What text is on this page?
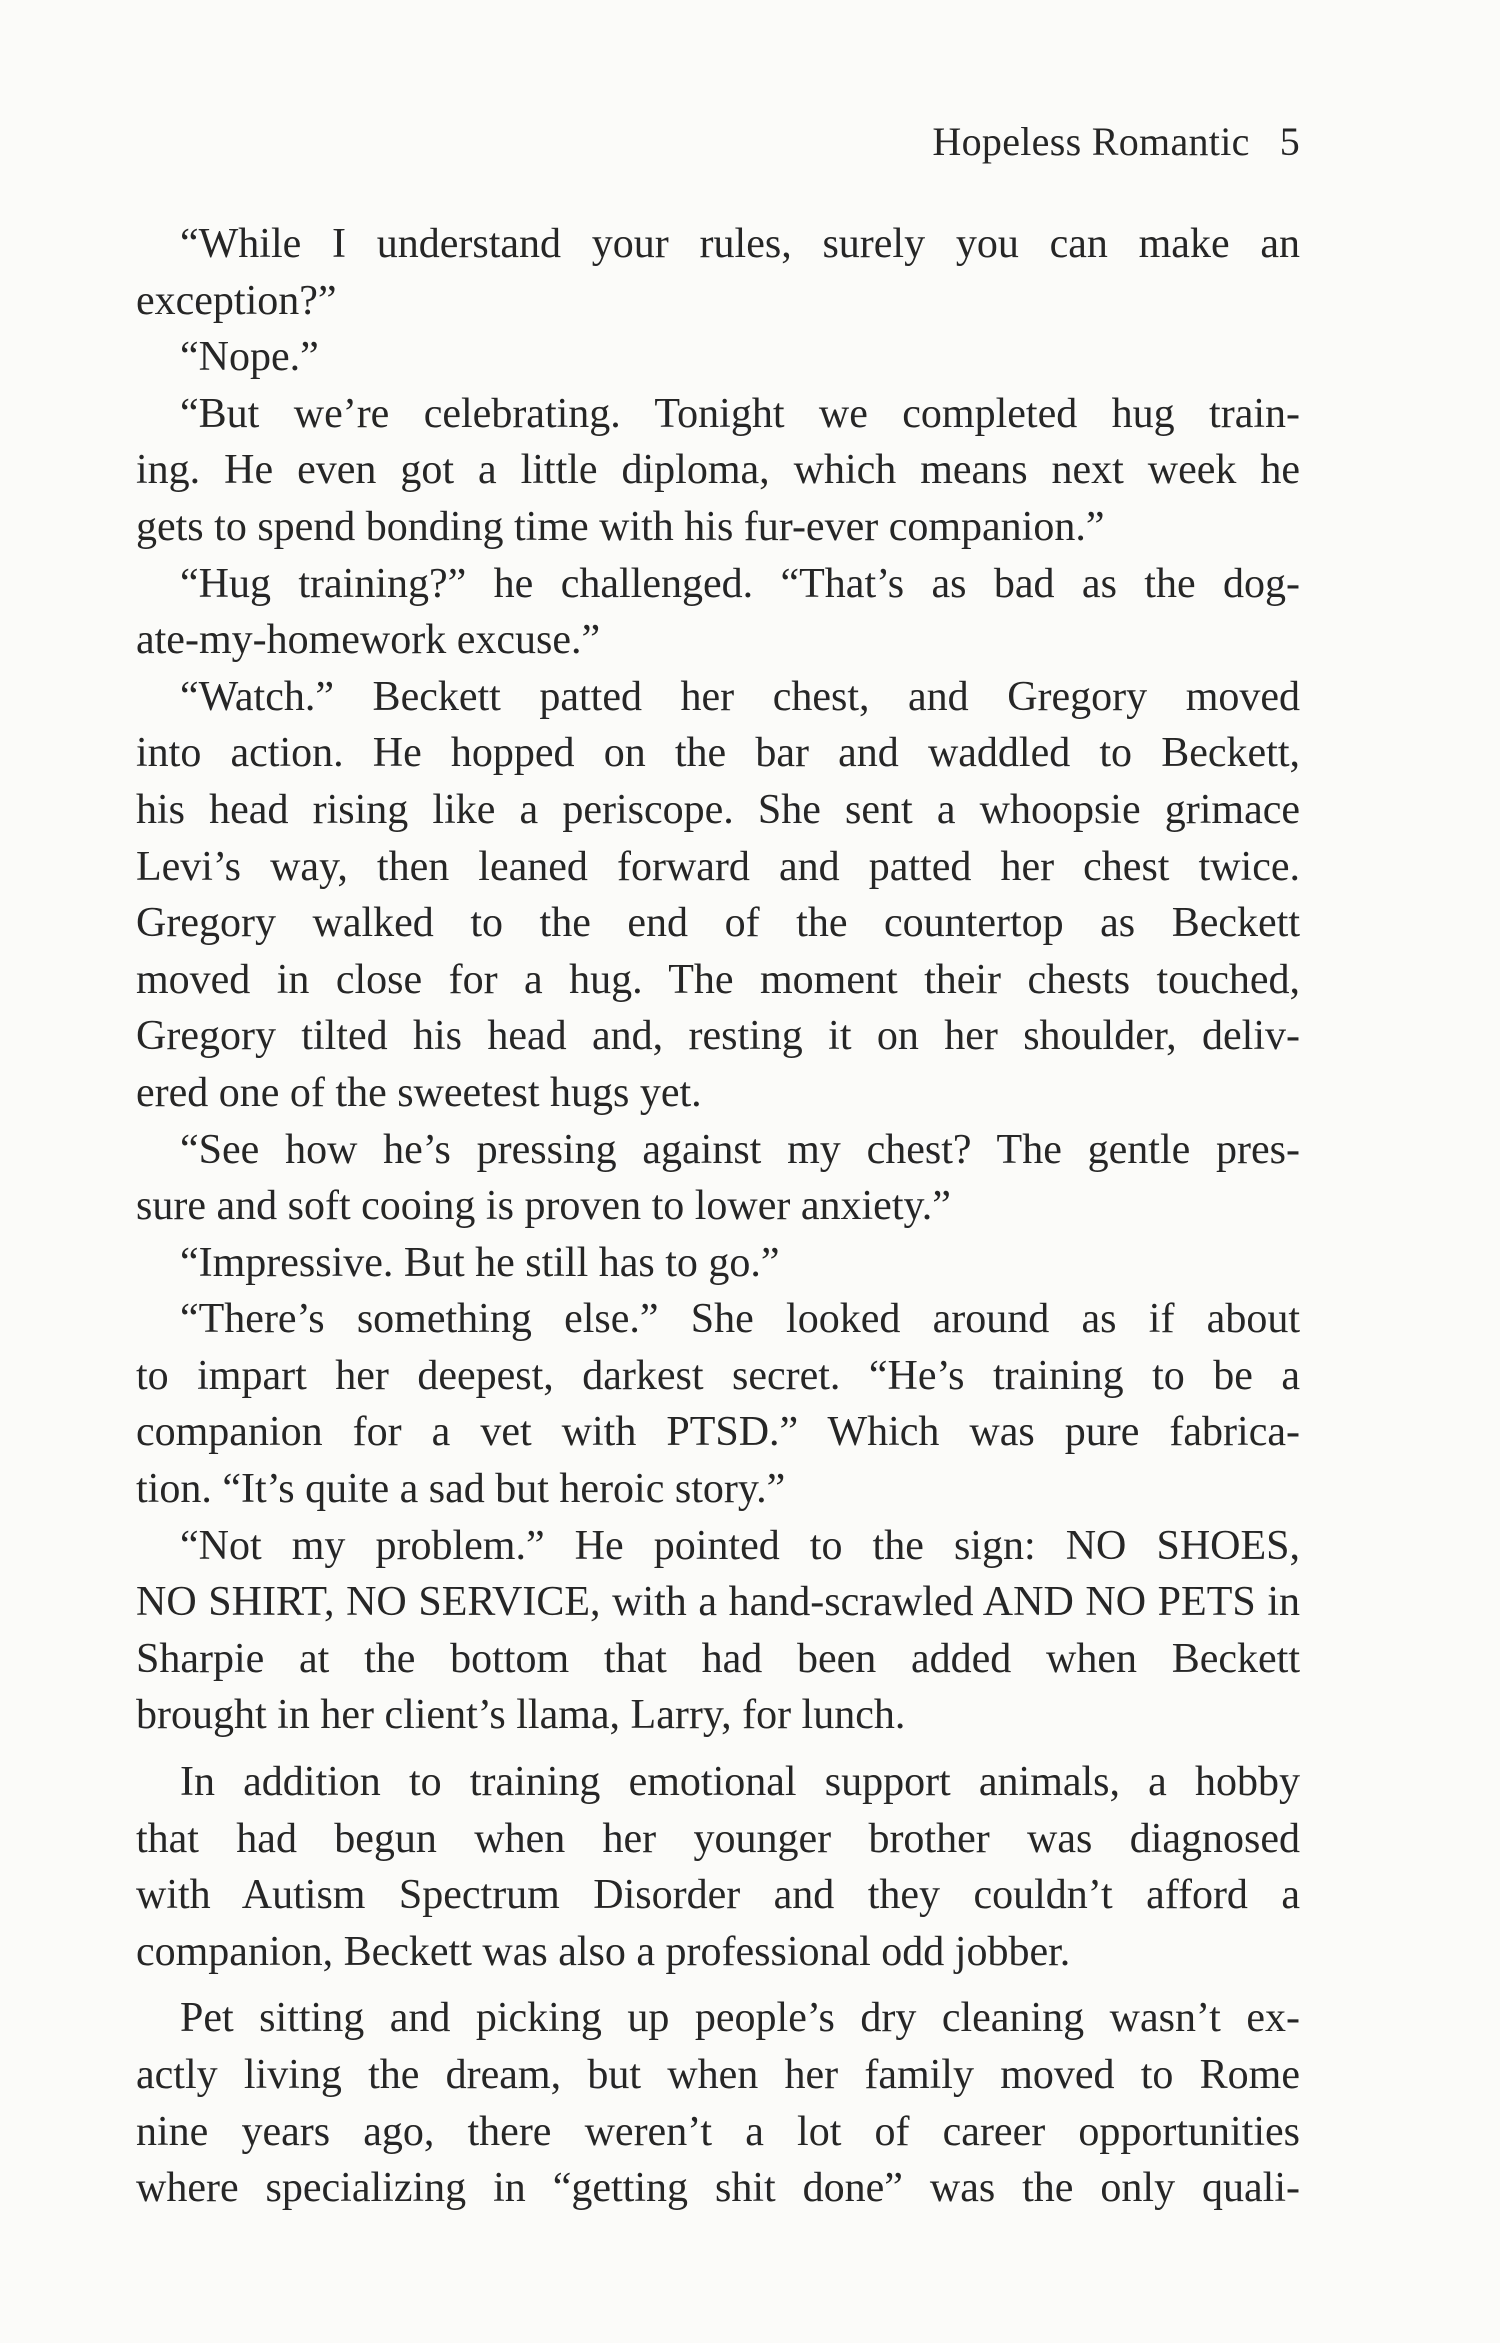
Hopeless Romantic 5
“While I understand your rules, surely you can make an
exception?”
“Nope.”
“But we’re celebrating. Tonight we completed hug train-
ing. He even got a little diploma, which means next week he
gets to spend bonding time with his fur-ever companion.”
“Hug training?” he challenged. “That’s as bad as the dog-
ate-my-homework excuse.”
“Watch.” Beckett patted her chest, and Gregory moved
into action. He hopped on the bar and waddled to Beckett,
his head rising like a periscope. She sent a whoopsie grimace
Levi’s way, then leaned forward and patted her chest twice.
Gregory walked to the end of the countertop as Beckett
moved in close for a hug. The moment their chests touched,
Gregory tilted his head and, resting it on her shoulder, deliv-
ered one of the sweetest hugs yet.
“See how he’s pressing against my chest? The gentle pres-
sure and soft cooing is proven to lower anxiety.”
“Impressive. But he still has to go.”
“There’s something else.” She looked around as if about
to impart her deepest, darkest secret. “He’s training to be a
companion for a vet with PTSD.” Which was pure fabrica-
tion. “It’s quite a sad but heroic story.”
“Not my problem.” He pointed to the sign: NO SHOES,
NO SHIRT, NO SERVICE, with a hand-scrawled AND NO PETS in
Sharpie at the bottom that had been added when Beckett
brought in her client’s llama, Larry, for lunch.
In addition to training emotional support animals, a hobby
that had begun when her younger brother was diagnosed
with Autism Spectrum Disorder and they couldn’t afford a
companion, Beckett was also a professional odd jobber.
Pet sitting and picking up people’s dry cleaning wasn’t ex-
actly living the dream, but when her family moved to Rome
nine years ago, there weren’t a lot of career opportunities
where specializing in “getting shit done” was the only quali-
